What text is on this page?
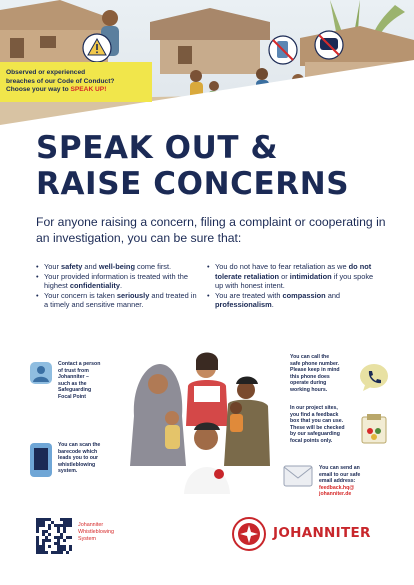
Observed or experienced
breaches of our Code of Conduct?
Choose your way to SPEAK UP!
SPEAK OUT &
RAISE CONCERNS
For anyone raising a concern, filing a complaint or cooperating in an investigation, you can be sure that:
• Your safety and well-being come first.
• Your provided information is treated with the highest confidentiality.
• Your concern is taken seriously and treated in a timely and sensitive manner.
• You do not have to fear retaliation as we do not tolerate retaliation or intimidation if you spoke up with honest intent.
• You are treated with compassion and professionalism.
Contact a person
of trust from
Johanniter –
such as the
Safeguarding
Focal Point
You can scan the
barecode which
leads you to our
whistleblowing
system.
You can call the
safe phone number.
Please keep in mind
this phone does
operate during
working hours.
In our project sites,
you find a feedback
box that you can use.
These will be checked
by our safeguarding
focal points only.
You can send an
email to our safe
email address:
feedback.hq@
johanniter.de
Johanniter
Whistleblowing
System	JOHANNITER
